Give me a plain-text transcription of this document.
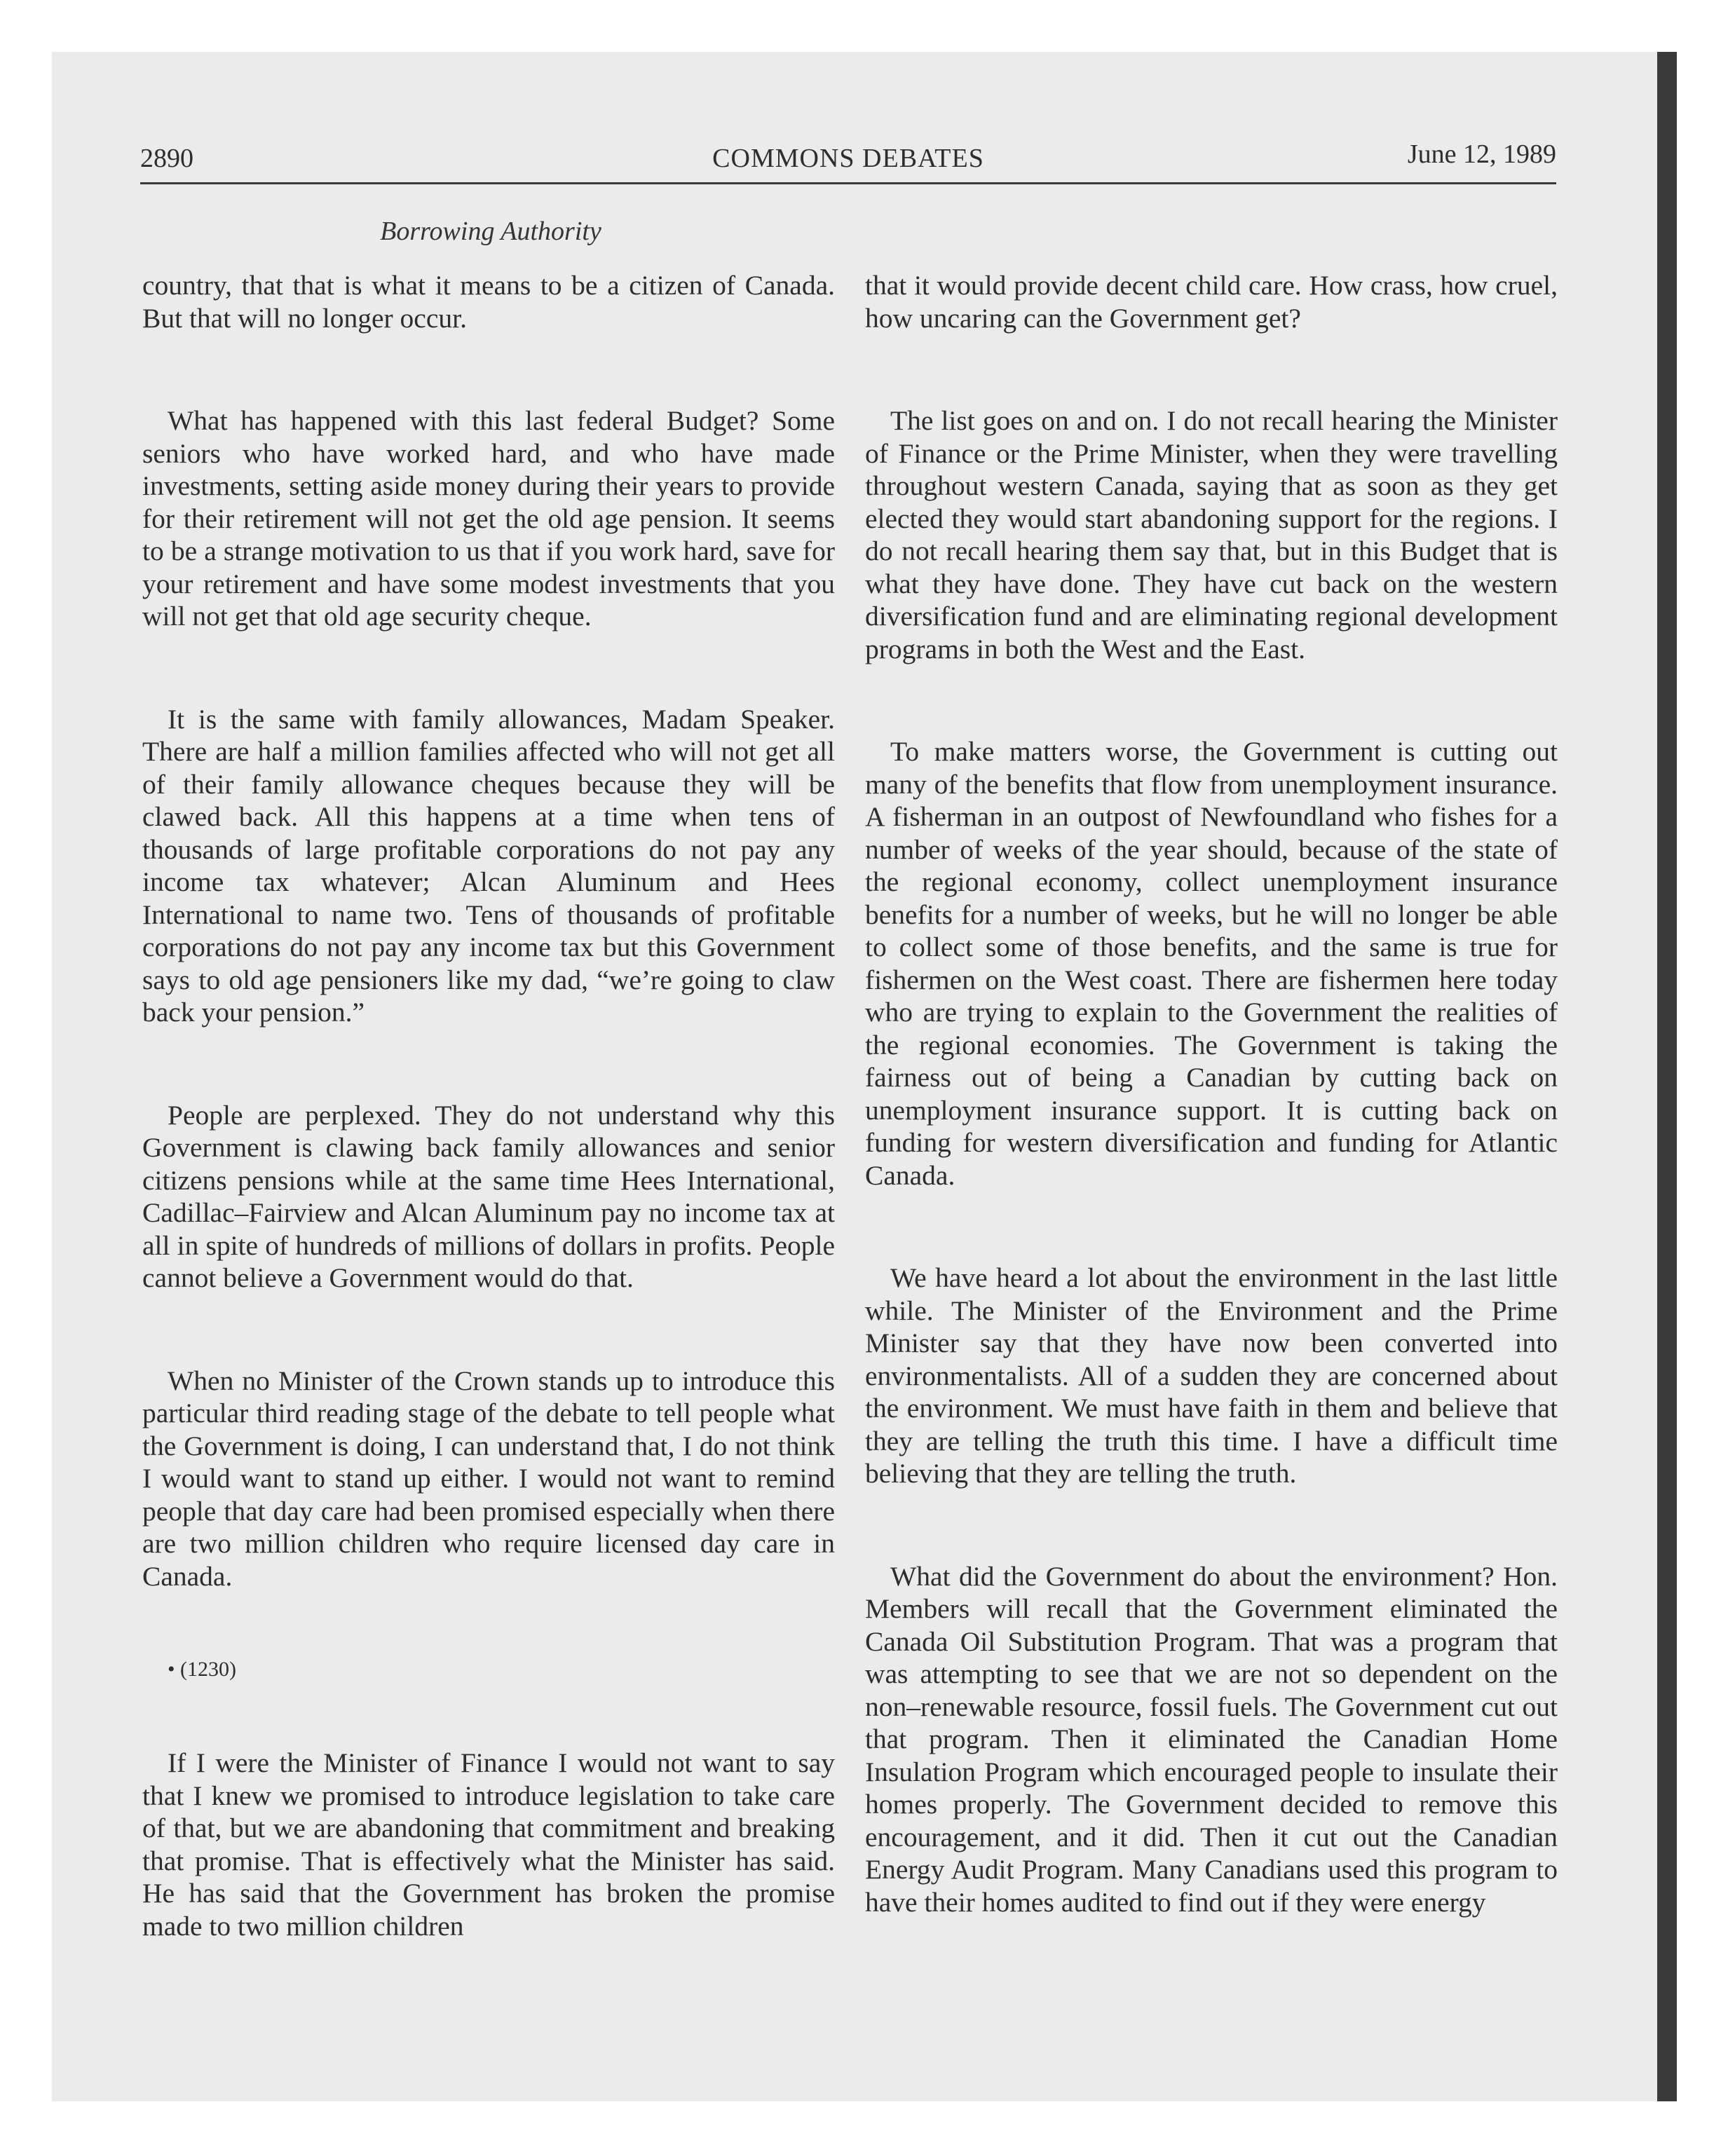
2890	COMMONS DEBATES	June 12, 1989
Borrowing Authority

country, that that is what it means to be a citizen of Canada. But that will no longer occur.

What has happened with this last federal Budget? Some seniors who have worked hard, and who have made investments, setting aside money during their years to provide for their retirement will not get the old age pension. It seems to be a strange motivation to us that if you work hard, save for your retirement and have some modest investments that you will not get that old age security cheque.

It is the same with family allowances, Madam Speaker. There are half a million families affected who will not get all of their family allowance cheques because they will be clawed back. All this happens at a time when tens of thousands of large profitable corporations do not pay any income tax whatever; Alcan Aluminum and Hees International to name two. Tens of thousands of profitable corporations do not pay any income tax but this Government says to old age pensioners like my dad, “we’re going to claw back your pension.”

People are perplexed. They do not understand why this Government is clawing back family allowances and senior citizens pensions while at the same time Hees International, Cadillac–Fairview and Alcan Aluminum pay no income tax at all in spite of hundreds of millions of dollars in profits. People cannot believe a Government would do that.

When no Minister of the Crown stands up to introduce this particular third reading stage of the debate to tell people what the Government is doing, I can understand that, I do not think I would want to stand up either. I would not want to remind people that day care had been promised especially when there are two million children who require licensed day care in Canada.

• (1230)

If I were the Minister of Finance I would not want to say that I knew we promised to introduce legislation to take care of that, but we are abandoning that commitment and breaking that promise. That is effectively what the Minister has said. He has said that the Government has broken the promise made to two million children

that it would provide decent child care. How crass, how cruel, how uncaring can the Government get?

The list goes on and on. I do not recall hearing the Minister of Finance or the Prime Minister, when they were travelling throughout western Canada, saying that as soon as they get elected they would start abandoning support for the regions. I do not recall hearing them say that, but in this Budget that is what they have done. They have cut back on the western diversification fund and are eliminating regional development programs in both the West and the East.

To make matters worse, the Government is cutting out many of the benefits that flow from unemployment insurance. A fisherman in an outpost of Newfoundland who fishes for a number of weeks of the year should, because of the state of the regional economy, collect unemployment insurance benefits for a number of weeks, but he will no longer be able to collect some of those benefits, and the same is true for fishermen on the West coast. There are fishermen here today who are trying to explain to the Government the realities of the regional economies. The Government is taking the fairness out of being a Canadian by cutting back on unemployment insurance support. It is cutting back on funding for western diversification and funding for Atlantic Canada.

We have heard a lot about the environment in the last little while. The Minister of the Environment and the Prime Minister say that they have now been converted into environmentalists. All of a sudden they are concerned about the environment. We must have faith in them and believe that they are telling the truth this time. I have a difficult time believing that they are telling the truth.

What did the Government do about the environment? Hon. Members will recall that the Government eliminated the Canada Oil Substitution Program. That was a program that was attempting to see that we are not so dependent on the non–renewable resource, fossil fuels. The Government cut out that program. Then it eliminated the Canadian Home Insulation Program which encouraged people to insulate their homes properly. The Government decided to remove this encouragement, and it did. Then it cut out the Canadian Energy Audit Program. Many Canadians used this program to have their homes audited to find out if they were energy
